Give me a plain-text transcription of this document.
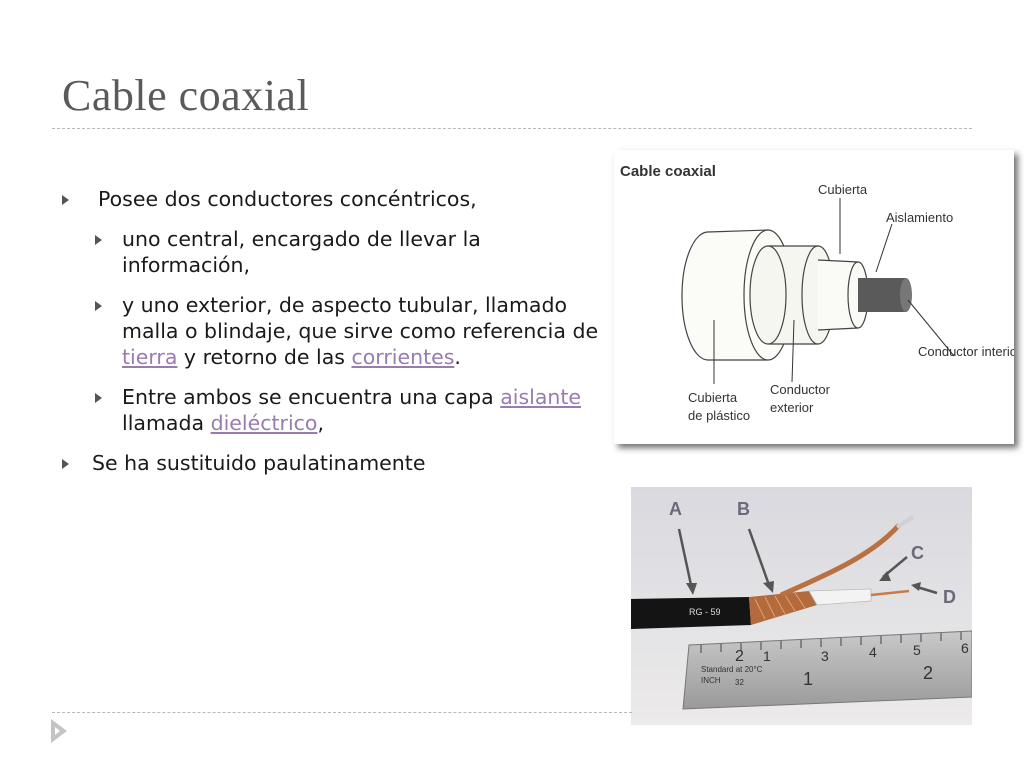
Cable coaxial
Posee dos conductores concéntricos,
uno central, encargado de llevar la información,
y uno exterior, de aspecto tubular, llamado malla o blindaje, que sirve como referencia de tierra y retorno de las corrientes.
Entre ambos se encuentra una capa aislante llamada dieléctrico,
Se ha sustituido paulatinamente
Cable coaxial
Cubierta
Aislamiento
Conductor interior
Cubierta
de plástico
Conductor
exterior
Standard at 20°C
INCH 32
2	4	5	6
1	2
3
1
RG - 59
A	B
C
D
